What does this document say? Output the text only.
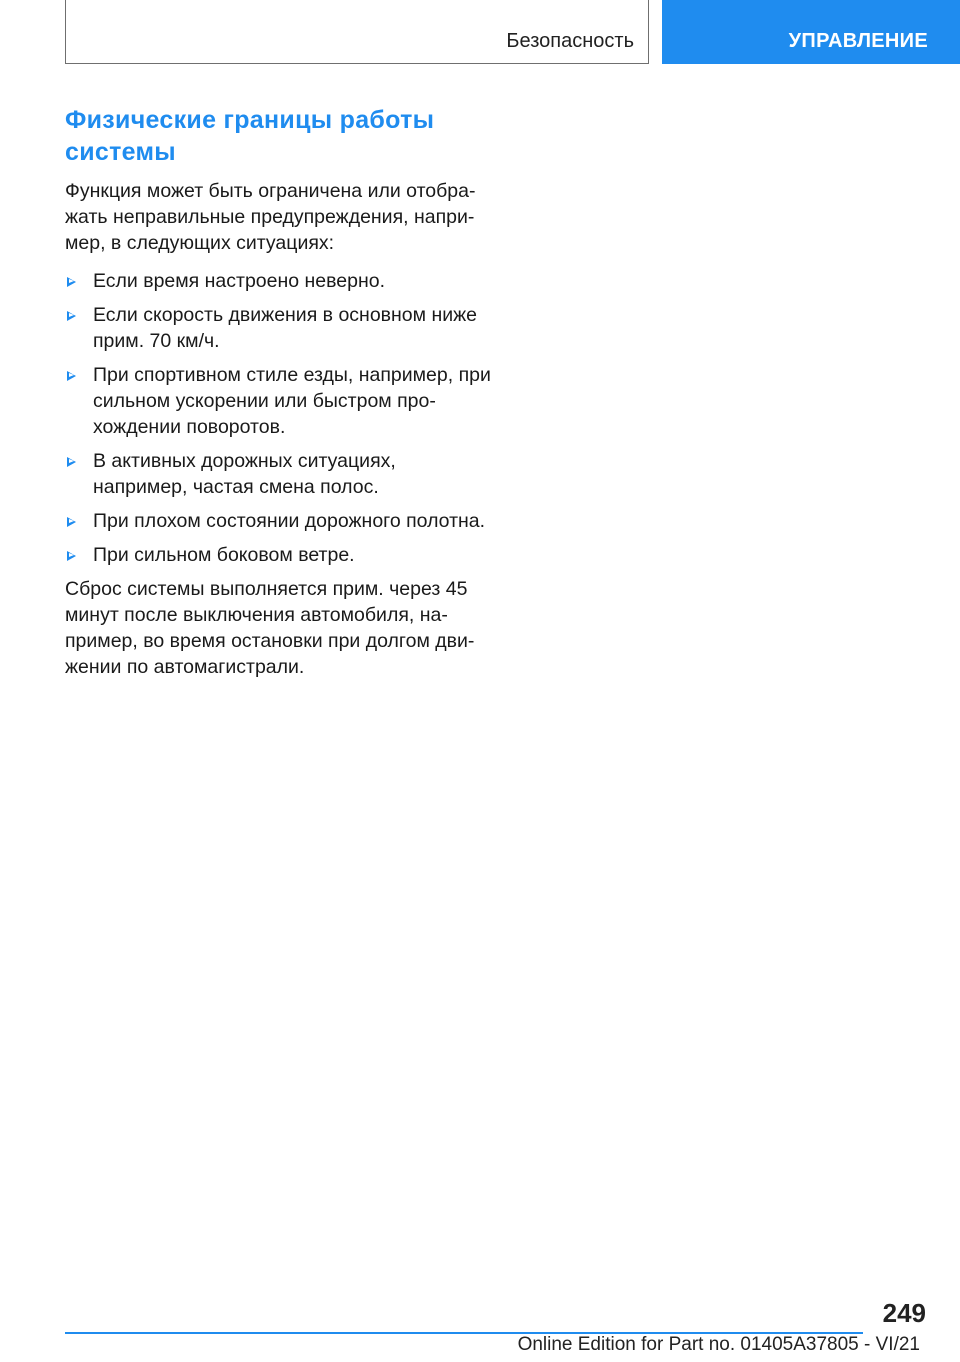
Безопасность	УПРАВЛЕНИЕ
Физические границы работы системы

Функция может быть ограничена или отображать неправильные предупреждения, например, в следующих ситуациях:

Если время настроено неверно.
Если скорость движения в основном ниже прим. 70 км/ч.
При спортивном стиле езды, например, при сильном ускорении или быстром прохождении поворотов.
В активных дорожных ситуациях, например, частая смена полос.
При плохом состоянии дорожного полотна.
При сильном боковом ветре.

Сброс системы выполняется прим. через 45 минут после выключения автомобиля, например, во время остановки при долгом движении по автомагистрали.

249
Online Edition for Part no. 01405A37805 - VI/21
